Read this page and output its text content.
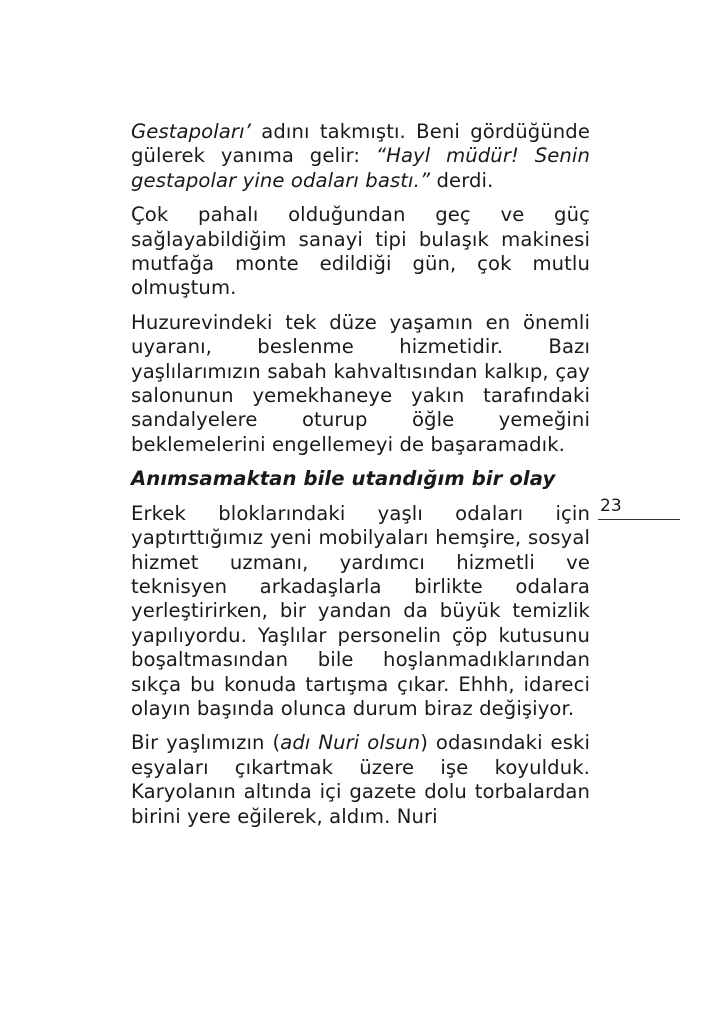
Gestapoları’ adını takmıştı. Beni gördüğünde gülerek yanıma gelir: “Hayl müdür! Senin gestapolar yine odaları bastı.” derdi.

Çok pahalı olduğundan geç ve güç sağlayabildiğim sanayi tipi bulaşık makinesi mutfağa monte edildiği gün, çok mutlu olmuştum.

Huzurevindeki tek düze yaşamın en önemli uyaranı, beslenme hizmetidir. Bazı yaşlılarımızın sabah kahvaltısından kalkıp, çay salonunun yemekhaneye yakın tarafındaki sandalyelere oturup öğle yemeğini beklemelerini engellemeyi de başaramadık.

Anımsamaktan bile utandığım bir olay

Erkek bloklarındaki yaşlı odaları için yaptırttığımız yeni mobilyaları hemşire, sosyal hizmet uzmanı, yardımcı hizmetli ve teknisyen arkadaşlarla birlikte odalara yerleştirirken, bir yandan da büyük temizlik yapılıyordu. Yaşlılar personelin çöp kutusunu boşaltmasından bile hoşlanmadıklarından sıkça bu konuda tartışma çıkar. Ehhh, idareci olayın başında olunca durum biraz değişiyor.

Bir yaşlımızın (adı Nuri olsun) odasındaki eski eşyaları çıkartmak üzere işe koyulduk. Karyolanın altında içi gazete dolu torbalardan birini yere eğilerek, aldım. Nuri

23
